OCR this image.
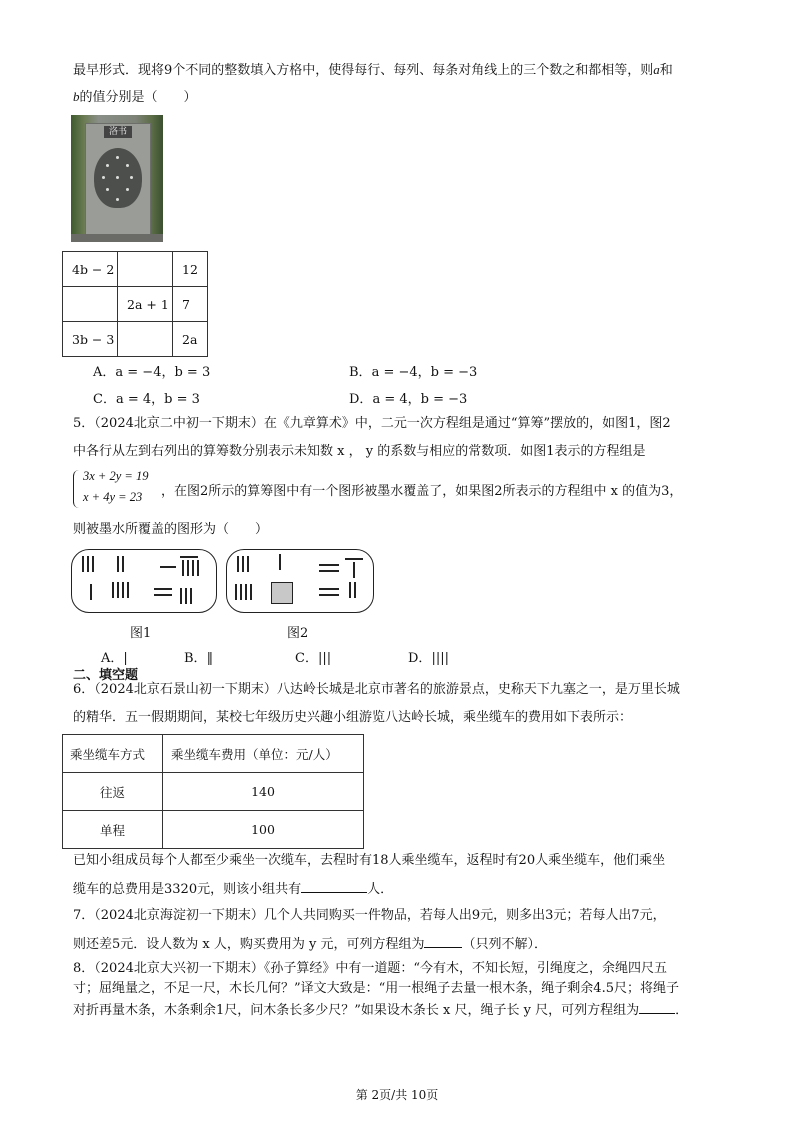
最早形式．现将9个不同的整数填入方格中，使得每行、每列、每条对角线上的三个数之和都相等，则a和
b的值分别是（　　）
洛书
4b − 2		12
	2a + 1	7
3b − 3		2a
A．a = −4，b = 3	B．a = −4，b = −3
C．a = 4，b = 3	D．a = 4，b = −3
5．（2024北京二中初一下期末）在《九章算术》中，二元一次方程组是通过“算筹”摆放的，如图1，图2
中各行从左到右列出的算筹数分别表示未知数 x ， y 的系数与相应的常数项．如图1表示的方程组是
3x + 2y = 19
x + 4y = 23 ，在图2所示的算筹图中有一个图形被墨水覆盖了，如果图2所表示的方程组中 x 的值为3，
则被墨水所覆盖的图形为（　　）
图1	图2
A．|	B．‖	C．|||	D．||||
二、填空题
6．（2024北京石景山初一下期末）八达岭长城是北京市著名的旅游景点，史称天下九塞之一，是万里长城
的精华．五一假期期间，某校七年级历史兴趣小组游览八达岭长城，乘坐缆车的费用如下表所示：
乘坐缆车方式	乘坐缆车费用（单位：元/人）
往返	140
单程	100
已知小组成员每个人都至少乘坐一次缆车，去程时有18人乘坐缆车，返程时有20人乘坐缆车，他们乘坐
缆车的总费用是3320元，则该小组共有	人．
7．（2024北京海淀初一下期末）几个人共同购买一件物品，若每人出9元，则多出3元；若每人出7元，
则还差5元．设人数为 x 人，购买费用为 y 元，可列方程组为	（只列不解）．
8．（2024北京大兴初一下期末）《孙子算经》中有一道题：“今有木，不知长短，引绳度之，余绳四尺五
寸；屈绳量之，不足一尺，木长几何？”译文大致是：“用一根绳子去量一根木条，绳子剩余4.5尺；将绳子
对折再量木条，木条剩余1尺，问木条长多少尺？”如果设木条长 x 尺，绳子长 y 尺，可列方程组为	．
第 2页/共 10页
